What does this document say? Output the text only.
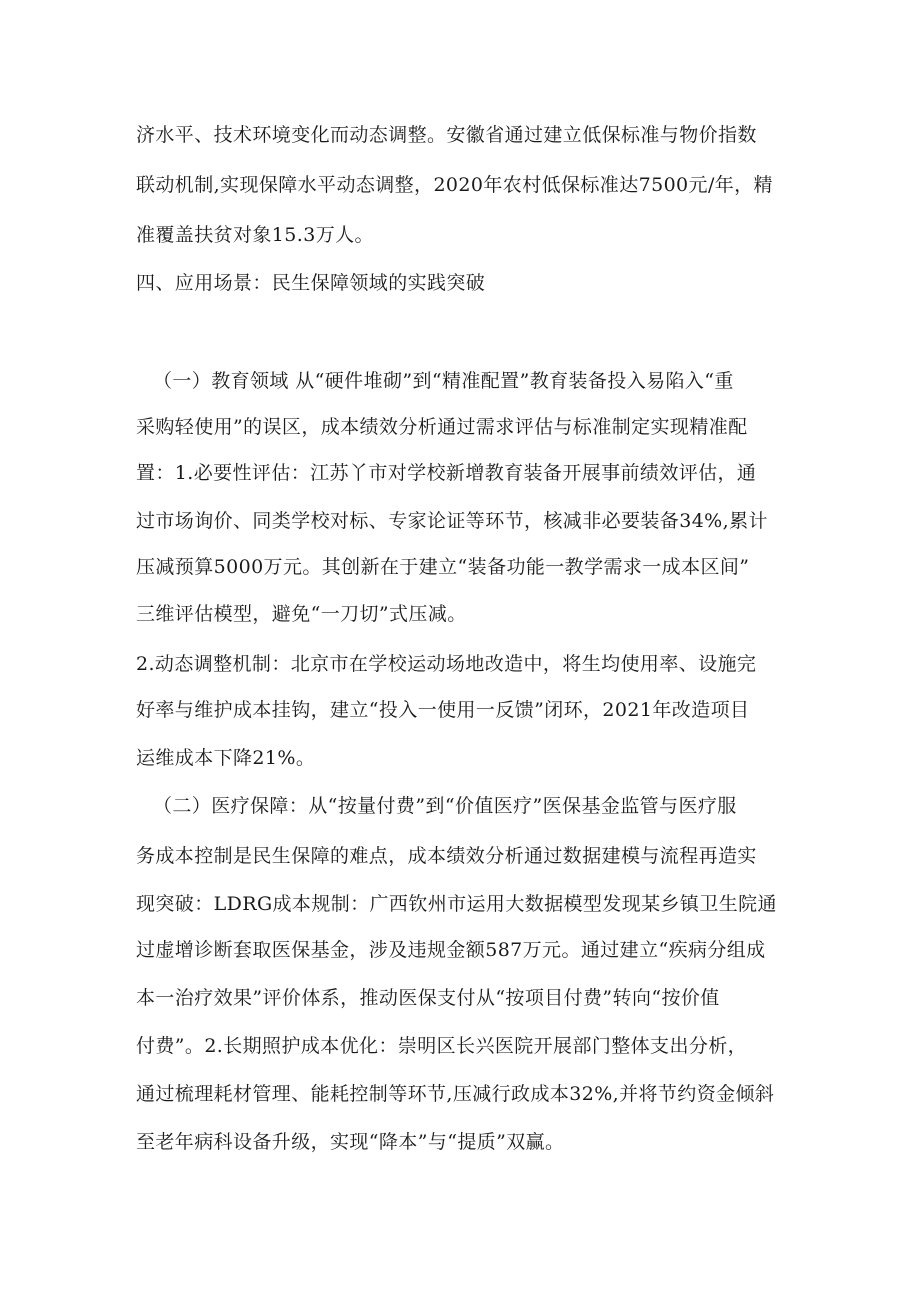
济水平、技术环境变化而动态调整。安徽省通过建立低保标准与物价指数
联动机制,实现保障水平动态调整，2020年农村低保标准达7500元/年，精
准覆盖扶贫对象15.3万人。
四、应用场景：民生保障领域的实践突破
（一）教育领域 从“硬件堆砌”到“精准配置”教育装备投入易陷入“重
采购轻使用”的误区，成本绩效分析通过需求评估与标准制定实现精准配
置：1.必要性评估：江苏丫市对学校新增教育装备开展事前绩效评估，通
过市场询价、同类学校对标、专家论证等环节，核减非必要装备34%,累计
压减预算5000万元。其创新在于建立“装备功能一教学需求一成本区间”
三维评估模型，避免“一刀切”式压减。
2.动态调整机制：北京市在学校运动场地改造中，将生均使用率、设施完
好率与维护成本挂钩，建立“投入一使用一反馈”闭环，2021年改造项目
运维成本下降21%。
（二）医疗保障：从“按量付费”到“价值医疗”医保基金监管与医疗服
务成本控制是民生保障的难点，成本绩效分析通过数据建模与流程再造实
现突破：LDRG成本规制：广西钦州市运用大数据模型发现某乡镇卫生院通
过虚增诊断套取医保基金，涉及违规金额587万元。通过建立“疾病分组成
本一治疗效果”评价体系，推动医保支付从“按项目付费”转向“按价值
付费”。2.长期照护成本优化：崇明区长兴医院开展部门整体支出分析，
通过梳理耗材管理、能耗控制等环节,压减行政成本32%,并将节约资金倾斜
至老年病科设备升级，实现“降本”与“提质”双赢。
